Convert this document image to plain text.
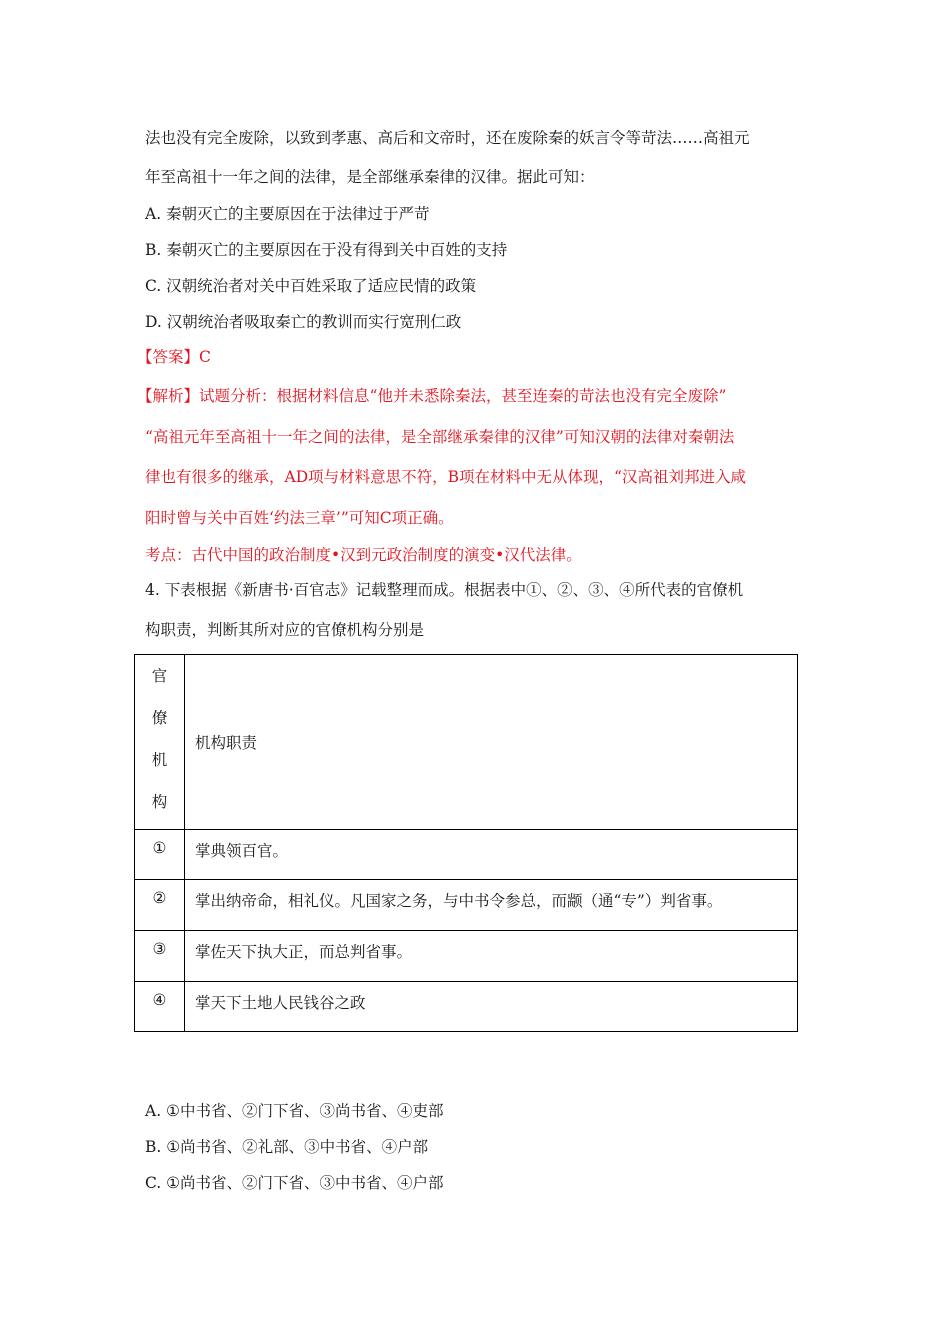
法也没有完全废除，以致到孝惠、高后和文帝时，还在废除秦的妖言令等苛法……高祖元
年至高祖十一年之间的法律，是全部继承秦律的汉律。据此可知：
A. 秦朝灭亡的主要原因在于法律过于严苛
B. 秦朝灭亡的主要原因在于没有得到关中百姓的支持
C. 汉朝统治者对关中百姓采取了适应民情的政策
D. 汉朝统治者吸取秦亡的教训而实行宽刑仁政
【答案】C
【解析】试题分析：根据材料信息“他并未悉除秦法，甚至连秦的苛法也没有完全废除”
“高祖元年至高祖十一年之间的法律，是全部继承秦律的汉律”可知汉朝的法律对秦朝法
律也有很多的继承，AD项与材料意思不符，B项在材料中无从体现，“汉高祖刘邦进入咸
阳时曾与关中百姓‘约法三章’”可知C项正确。
考点：古代中国的政治制度•汉到元政治制度的演变•汉代法律。
4. 下表根据《新唐书·百官志》记载整理而成。根据表中①、②、③、④所代表的官僚机
构职责，判断其所对应的官僚机构分别是
官
僚
机
构	机构职责
①	掌典领百官。
②	掌出纳帝命，相礼仪。凡国家之务，与中书令参总，而颛（通“专”）判省事。
③	掌佐天下执大正，而总判省事。
④	掌天下土地人民钱谷之政
A. ①中书省、②门下省、③尚书省、④吏部
B. ①尚书省、②礼部、③中书省、④户部
C. ①尚书省、②门下省、③中书省、④户部
